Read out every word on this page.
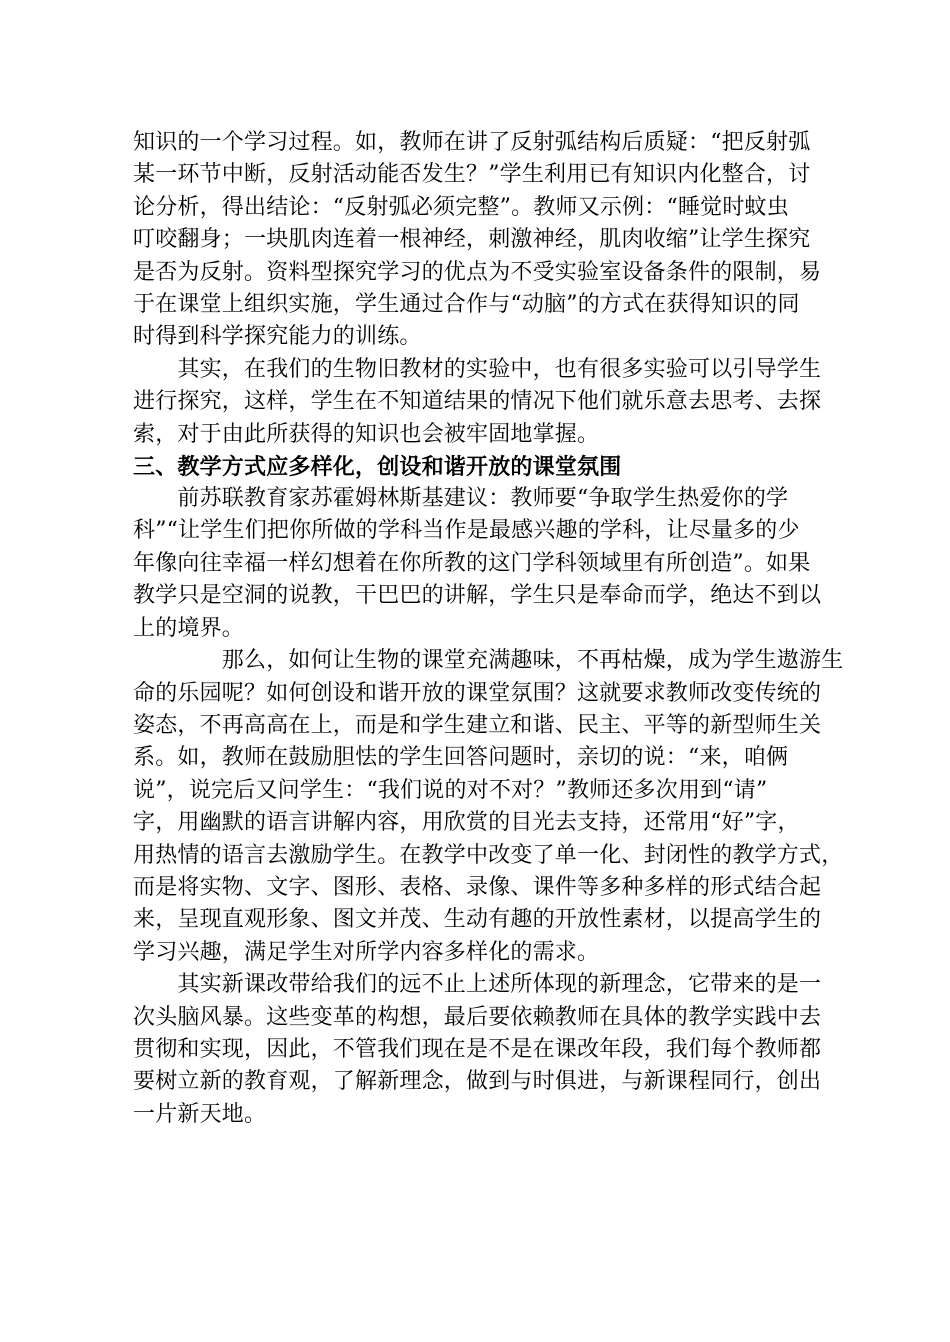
知识的一个学习过程。如，教师在讲了反射弧结构后质疑：“把反射弧
某一环节中断，反射活动能否发生？”学生利用已有知识内化整合，讨
论分析，得出结论：“反射弧必须完整”。教师又示例：“睡觉时蚊虫
叮咬翻身；一块肌肉连着一根神经，刺激神经，肌肉收缩”让学生探究
是否为反射。资料型探究学习的优点为不受实验室设备条件的限制，易
于在课堂上组织实施，学生通过合作与“动脑”的方式在获得知识的同
时得到科学探究能力的训练。
　　其实，在我们的生物旧教材的实验中，也有很多实验可以引导学生
进行探究，这样，学生在不知道结果的情况下他们就乐意去思考、去探
索，对于由此所获得的知识也会被牢固地掌握。
三、教学方式应多样化，创设和谐开放的课堂氛围
　　前苏联教育家苏霍姆林斯基建议：教师要“争取学生热爱你的学
科”“让学生们把你所做的学科当作是最感兴趣的学科，让尽量多的少
年像向往幸福一样幻想着在你所教的这门学科领域里有所创造”。如果
教学只是空洞的说教，干巴巴的讲解，学生只是奉命而学，绝达不到以
上的境界。
　　　　那么，如何让生物的课堂充满趣味，不再枯燥，成为学生遨游生
命的乐园呢？如何创设和谐开放的课堂氛围？这就要求教师改变传统的
姿态，不再高高在上，而是和学生建立和谐、民主、平等的新型师生关
系。如，教师在鼓励胆怯的学生回答问题时，亲切的说：“来，咱俩
说”，说完后又问学生：“我们说的对不对？”教师还多次用到“请”
字，用幽默的语言讲解内容，用欣赏的目光去支持，还常用“好”字，
用热情的语言去激励学生。在教学中改变了单一化、封闭性的教学方式，
而是将实物、文字、图形、表格、录像、课件等多种多样的形式结合起
来，呈现直观形象、图文并茂、生动有趣的开放性素材，以提高学生的
学习兴趣，满足学生对所学内容多样化的需求。
　　其实新课改带给我们的远不止上述所体现的新理念，它带来的是一
次头脑风暴。这些变革的构想，最后要依赖教师在具体的教学实践中去
贯彻和实现，因此，不管我们现在是不是在课改年段，我们每个教师都
要树立新的教育观，了解新理念，做到与时俱进，与新课程同行，创出
一片新天地。
